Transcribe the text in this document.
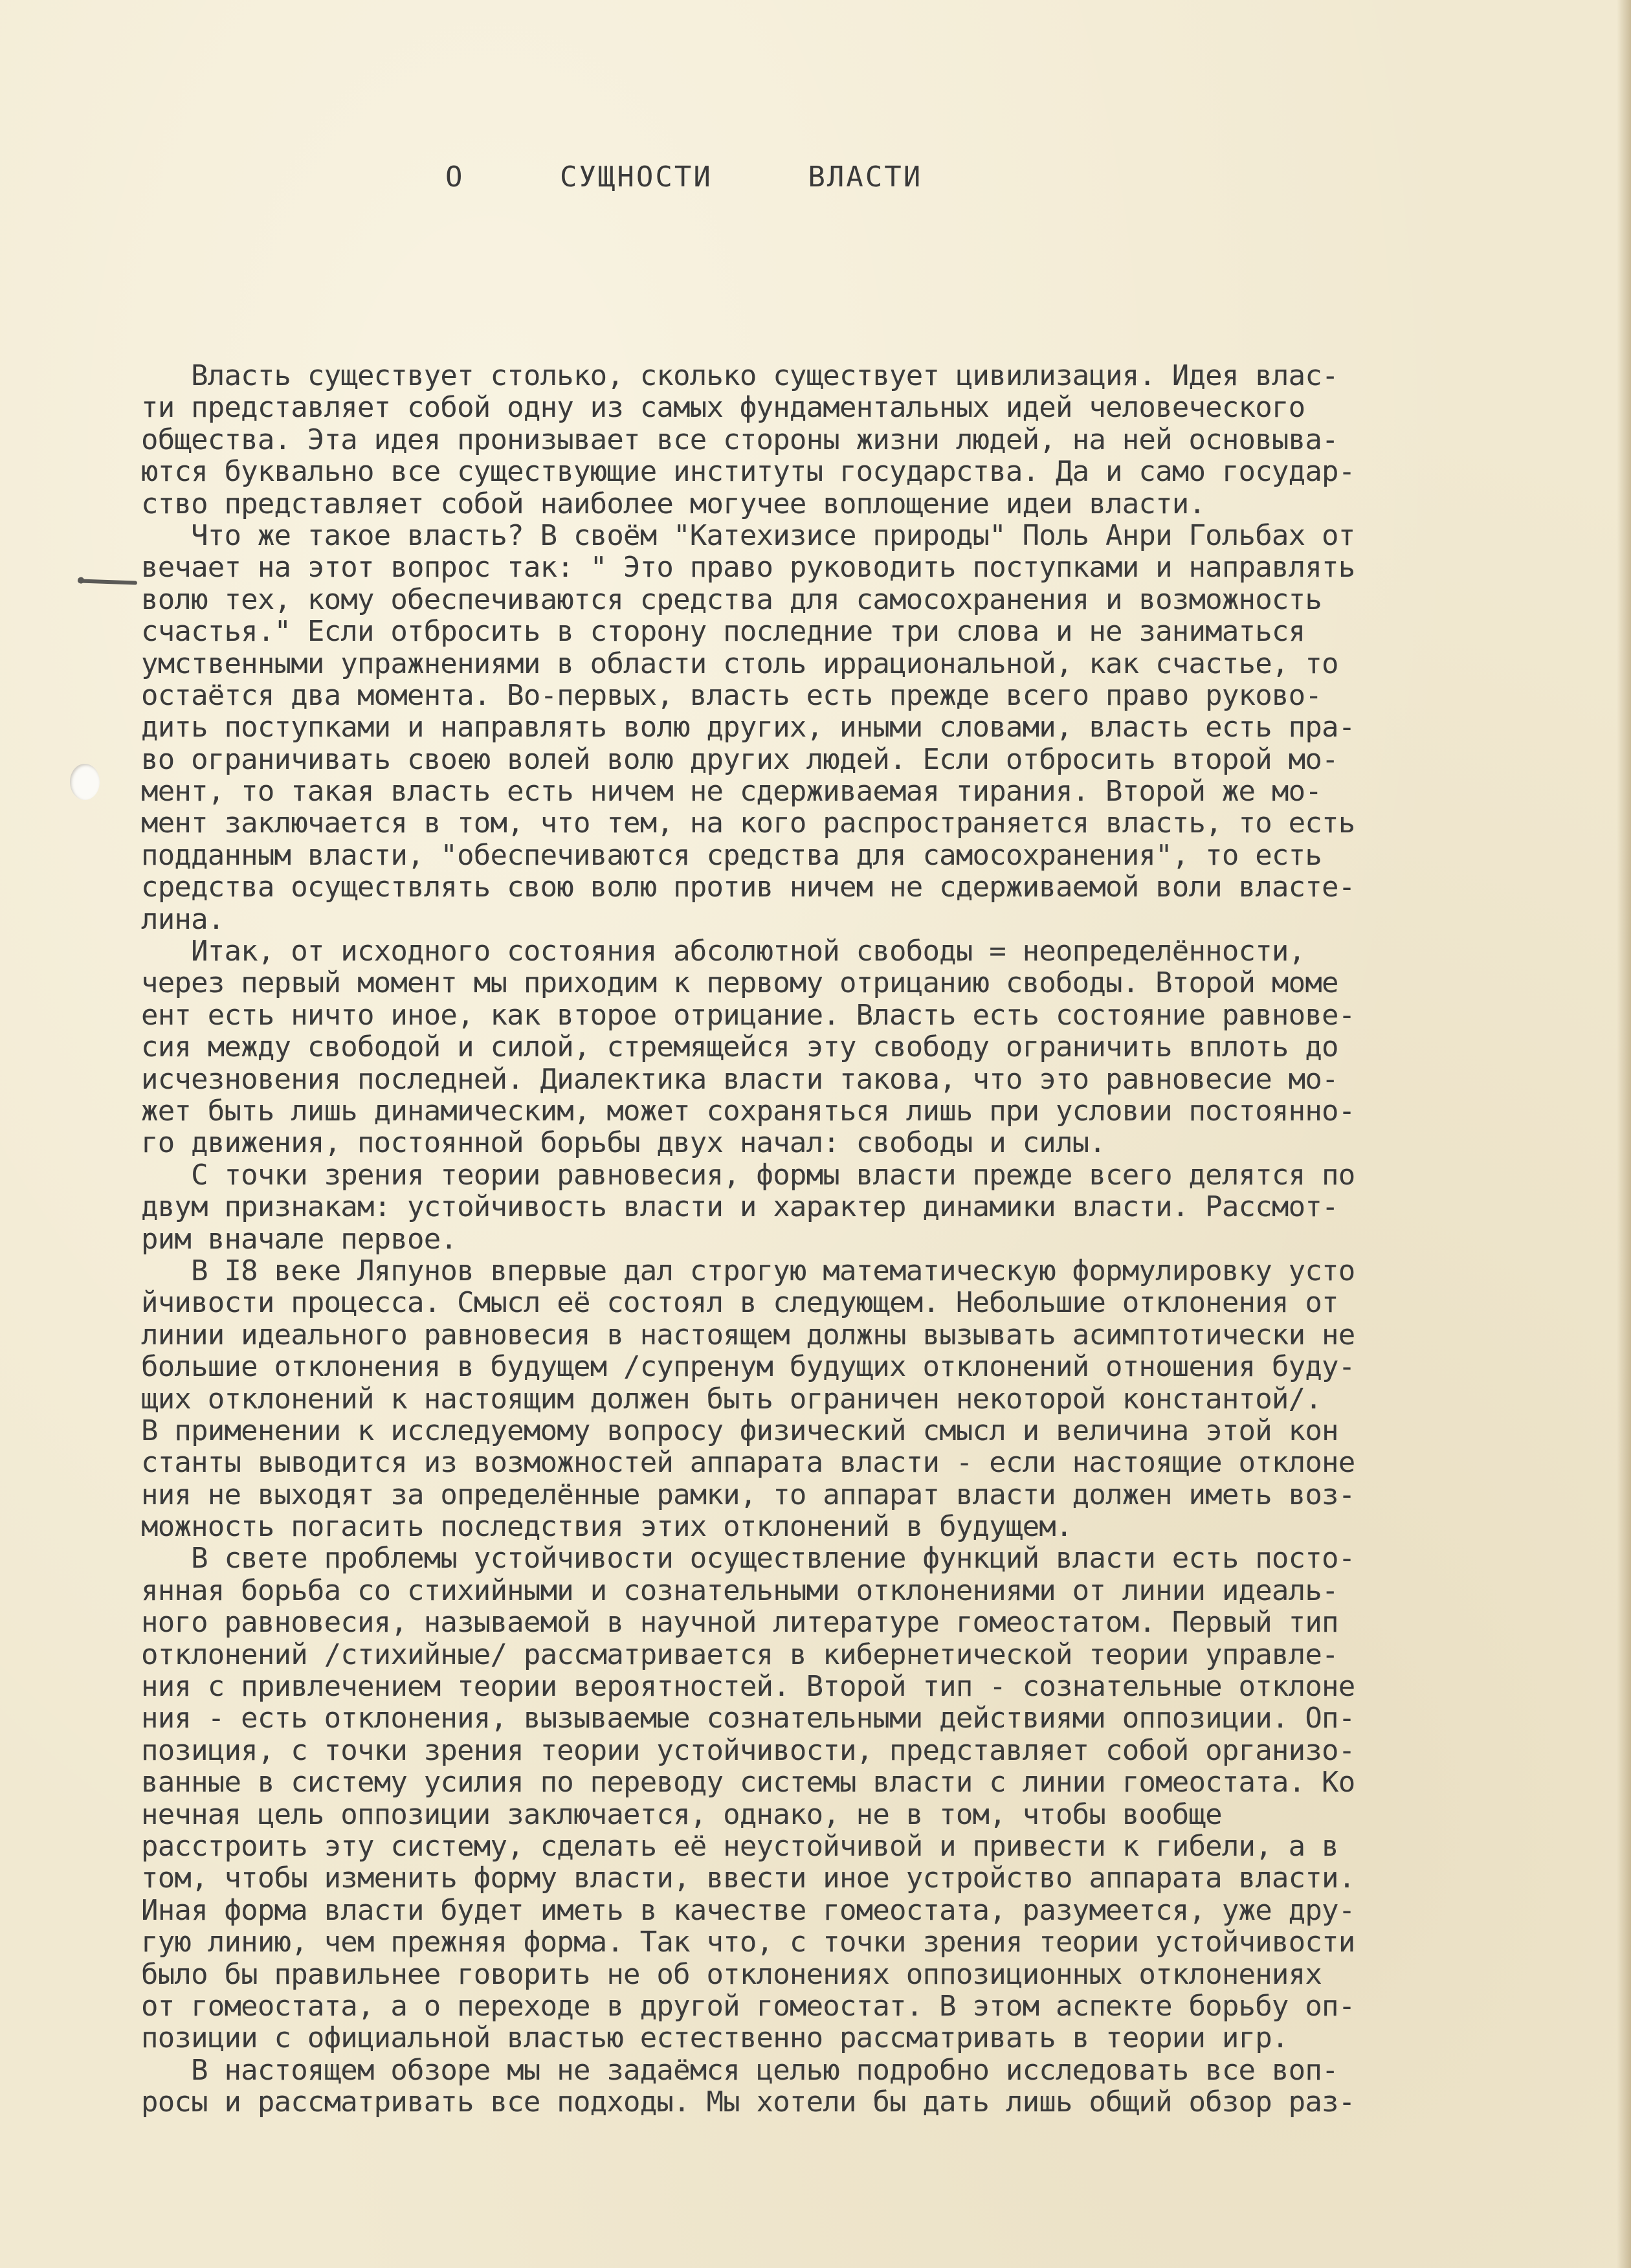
О     СУЩНОСТИ     ВЛАСТИ
Власть существует столько, сколько существует цивилизация. Идея влас-
ти представляет собой одну из самых фундаментальных идей человеческого
общества. Эта идея пронизывает все стороны жизни людей, на ней основыва-
ются буквально все существующие институты государства. Да и само государ-
ство представляет собой наиболее могучее воплощение идеи власти.
Что же такое власть? В своём "Катехизисе природы" Поль Анри Гольбах от
вечает на этот вопрос так: " Это право руководить поступками и направлять
волю тех, кому обеспечиваются средства для самосохранения и возможность
счастья." Если отбросить в сторону последние три слова и не заниматься
умственными упражнениями в области столь иррациональной, как счастье, то
остаётся два момента. Во-первых, власть есть прежде всего право руково-
дить поступками и направлять волю других, иными словами, власть есть пра-
во ограничивать своею волей волю других людей. Если отбросить второй мо-
мент, то такая власть есть ничем не сдерживаемая тирания. Второй же мо-
мент заключается в том, что тем, на кого распространяется власть, то есть
подданным власти, "обеспечиваются средства для самосохранения", то есть
средства осуществлять свою волю против ничем не сдерживаемой воли властe-
лина.
Итак, от исходного состояния абсолютной свободы = неопределённости,
через первый момент мы приходим к первому отрицанию свободы. Второй моме
ент есть ничто иное, как второе отрицание. Власть есть состояние равнове-
сия между свободой и силой, стремящейся эту свободу ограничить вплоть до
исчезновения последней. Диалектика власти такова, что это равновесие мо-
жет быть лишь динамическим, может сохраняться лишь при условии постоянно-
го движения, постоянной борьбы двух начал: свободы и силы.
С точки зрения теории равновесия, формы власти прежде всего делятся по
двум признакам: устойчивость власти и характер динамики власти. Рассмот-
рим вначале первое.
В I8 веке Ляпунов впервые дал строгую математическую формулировку усто
йчивости процесса. Смысл её состоял в следующем. Небольшие отклонения от
линии идеального равновесия в настоящем должны вызывать асимптотически не
большие отклонения в будущем /супренум будущих отклонений отношения буду-
щих отклонений к настоящим должен быть ограничен некоторой константой/.
В применении к исследуемому вопросу физический смысл и величина этой кон
станты выводится из возможностей аппарата власти - если настоящие отклоне
ния не выходят за определённые рамки, то аппарат власти должен иметь воз-
можность погасить последствия этих отклонений в будущем.
В свете проблемы устойчивости осуществление функций власти есть посто-
янная борьба со стихийными и сознательными отклонениями от линии идеаль-
ного равновесия, называемой в научной литературе гомеостатом. Первый тип
отклонений /стихийные/ рассматривается в кибернетической теории управле-
ния с привлечением теории вероятностей. Второй тип - сознательные отклоне
ния - есть отклонения, вызываемые сознательными действиями оппозиции. Оп-
позиция, с точки зрения теории устойчивости, представляет собой организо-
ванные в систему усилия по переводу системы власти с линии гомеостата. Ко
нечная цель оппозиции заключается, однако, не в том, чтобы вообще
расстроить эту систему, сделать её неустойчивой и привести к гибели, а в
том, чтобы изменить форму власти, ввести иное устройство аппарата власти.
Иная форма власти будет иметь в качестве гомеостата, разумеется, уже дру-
гую линию, чем прежняя форма. Так что, с точки зрения теории устойчивости
было бы правильнее говорить не об отклонениях оппозиционных отклонениях
от гомеостата, а о переходе в другой гомеостат. В этом аспекте борьбу оп-
позиции с официальной властью естественно рассматривать в теории игр.
В настоящем обзоре мы не задаёмся целью подробно исследовать все воп-
росы и рассматривать все подходы. Мы хотели бы дать лишь общий обзор раз-
